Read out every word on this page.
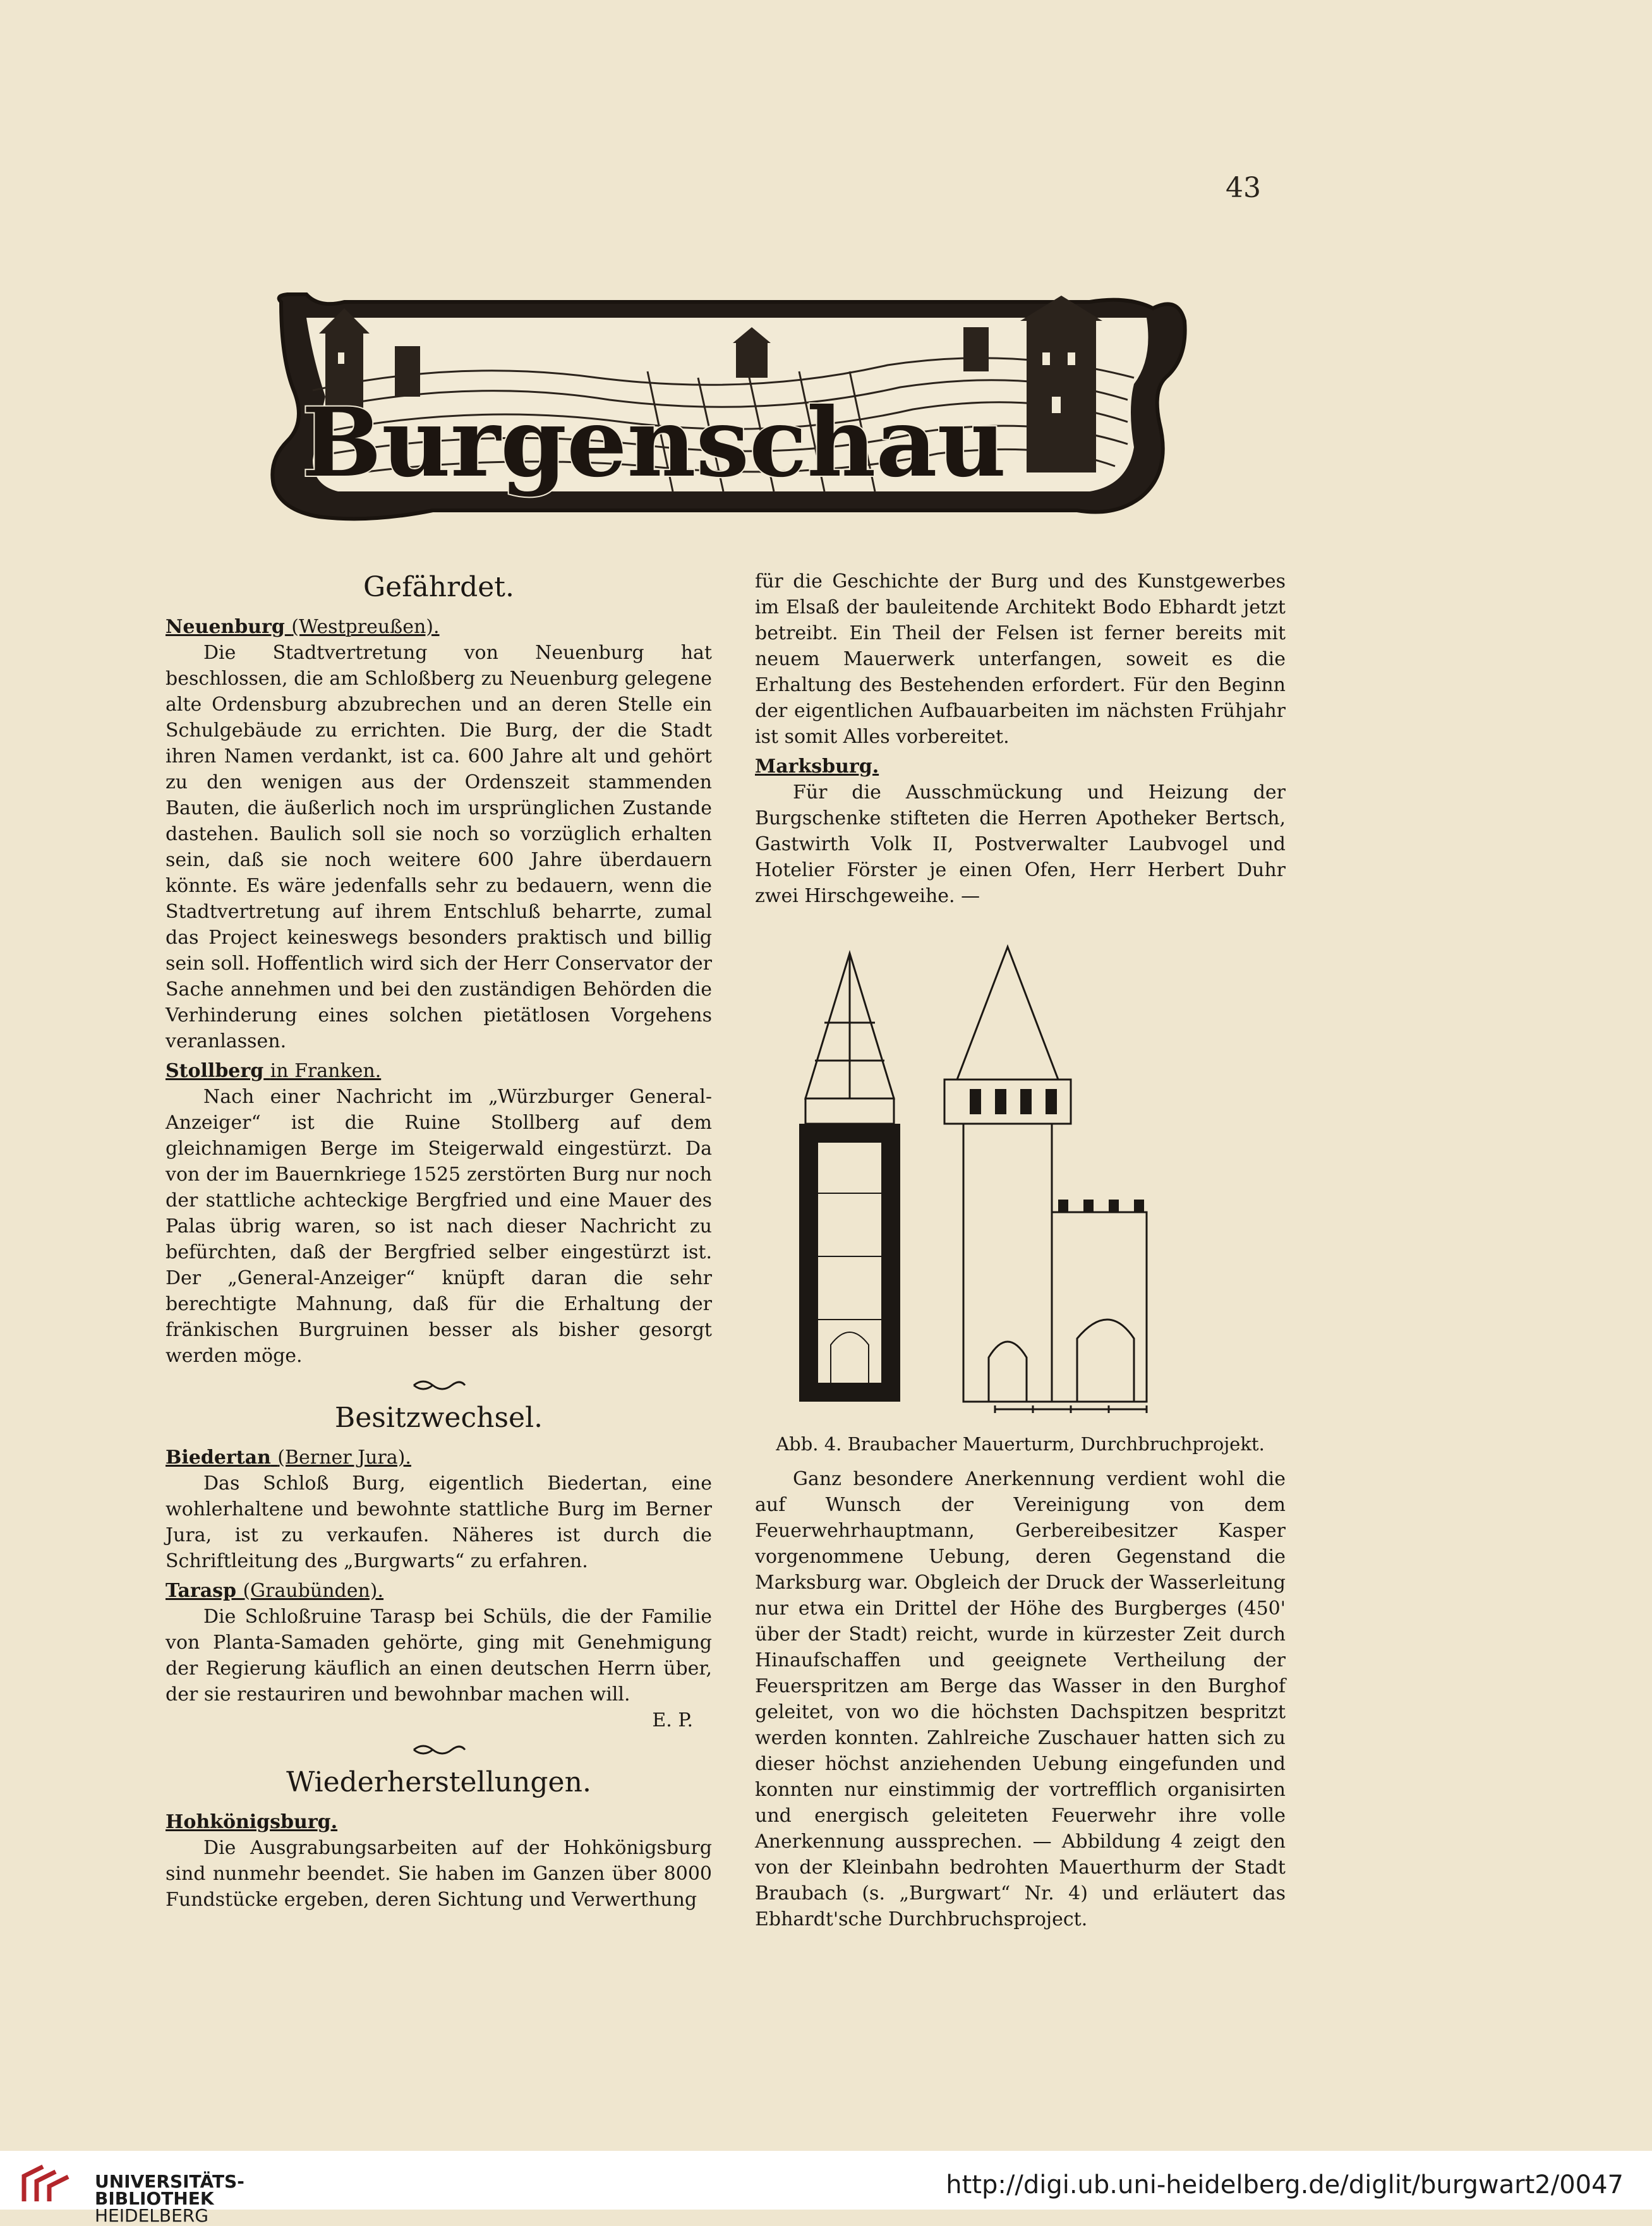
43
Burgenschau
Gefährdet.

Neuenburg (Westpreußen).

Die Stadtvertretung von Neuenburg hat beschlossen, die am Schloßberg zu Neuenburg gelegene alte Ordensburg abzubrechen und an deren Stelle ein Schulgebäude zu errichten. Die Burg, der die Stadt ihren Namen verdankt, ist ca. 600 Jahre alt und gehört zu den wenigen aus der Ordenszeit stammenden Bauten, die äußerlich noch im ursprünglichen Zustande dastehen. Baulich soll sie noch so vorzüglich erhalten sein, daß sie noch weitere 600 Jahre überdauern könnte. Es wäre jedenfalls sehr zu bedauern, wenn die Stadtvertretung auf ihrem Entschluß beharrte, zumal das Project keineswegs besonders praktisch und billig sein soll. Hoffentlich wird sich der Herr Conservator der Sache annehmen und bei den zuständigen Behörden die Verhinderung eines solchen pietätlosen Vorgehens veranlassen.

Stollberg in Franken.

Nach einer Nachricht im „Würzburger General-Anzeiger“ ist die Ruine Stollberg auf dem gleichnamigen Berge im Steigerwald eingestürzt. Da von der im Bauernkriege 1525 zerstörten Burg nur noch der stattliche achteckige Bergfried und eine Mauer des Palas übrig waren, so ist nach dieser Nachricht zu befürchten, daß der Bergfried selber eingestürzt ist. Der „General-Anzeiger“ knüpft daran die sehr berechtigte Mahnung, daß für die Erhaltung der fränkischen Burgruinen besser als bisher gesorgt werden möge.

Besitzwechsel.

Biedertan (Berner Jura).

Das Schloß Burg, eigentlich Biedertan, eine wohlerhaltene und bewohnte stattliche Burg im Berner Jura, ist zu verkaufen. Näheres ist durch die Schriftleitung des „Burgwarts“ zu erfahren.

Tarasp (Graubünden).

Die Schloßruine Tarasp bei Schüls, die der Familie von Planta-Samaden gehörte, ging mit Genehmigung der Regierung käuflich an einen deutschen Herrn über, der sie restauriren und bewohnbar machen will.

E. P.

Wiederherstellungen.

Hohkönigsburg.

Die Ausgrabungsarbeiten auf der Hohkönigsburg sind nunmehr beendet. Sie haben im Ganzen über 8000 Fundstücke ergeben, deren Sichtung und Verwerthung

für die Geschichte der Burg und des Kunstgewerbes im Elsaß der bauleitende Architekt Bodo Ebhardt jetzt betreibt. Ein Theil der Felsen ist ferner bereits mit neuem Mauerwerk unterfangen, soweit es die Erhaltung des Bestehenden erfordert. Für den Beginn der eigentlichen Aufbauarbeiten im nächsten Frühjahr ist somit Alles vorbereitet.

Marksburg.

Für die Ausschmückung und Heizung der Burgschenke stifteten die Herren Apotheker Bertsch, Gastwirth Volk II, Postverwalter Laubvogel und Hotelier Förster je einen Ofen, Herr Herbert Duhr zwei Hirschgeweihe. —

Abb. 4. Braubacher Mauerturm, Durchbruchprojekt.

Ganz besondere Anerkennung verdient wohl die auf Wunsch der Vereinigung von dem Feuerwehrhauptmann, Gerbereibesitzer Kasper vorgenommene Uebung, deren Gegenstand die Marksburg war. Obgleich der Druck der Wasserleitung nur etwa ein Drittel der Höhe des Burgberges (450' über der Stadt) reicht, wurde in kürzester Zeit durch Hinaufschaffen und geeignete Vertheilung der Feuerspritzen am Berge das Wasser in den Burghof geleitet, von wo die höchsten Dachspitzen bespritzt werden konnten. Zahlreiche Zuschauer hatten sich zu dieser höchst anziehenden Uebung eingefunden und konnten nur einstimmig der vortrefflich organisirten und energisch geleiteten Feuerwehr ihre volle Anerkennung aussprechen. — Abbildung 4 zeigt den von der Kleinbahn bedrohten Mauerthurm der Stadt Braubach (s. „Burgwart“ Nr. 4) und erläutert das Ebhardt'sche Durchbruchsproject.

UNIVERSITÄTS-
BIBLIOTHEK
HEIDELBERG
http://digi.ub.uni-heidelberg.de/diglit/burgwart2/0047
